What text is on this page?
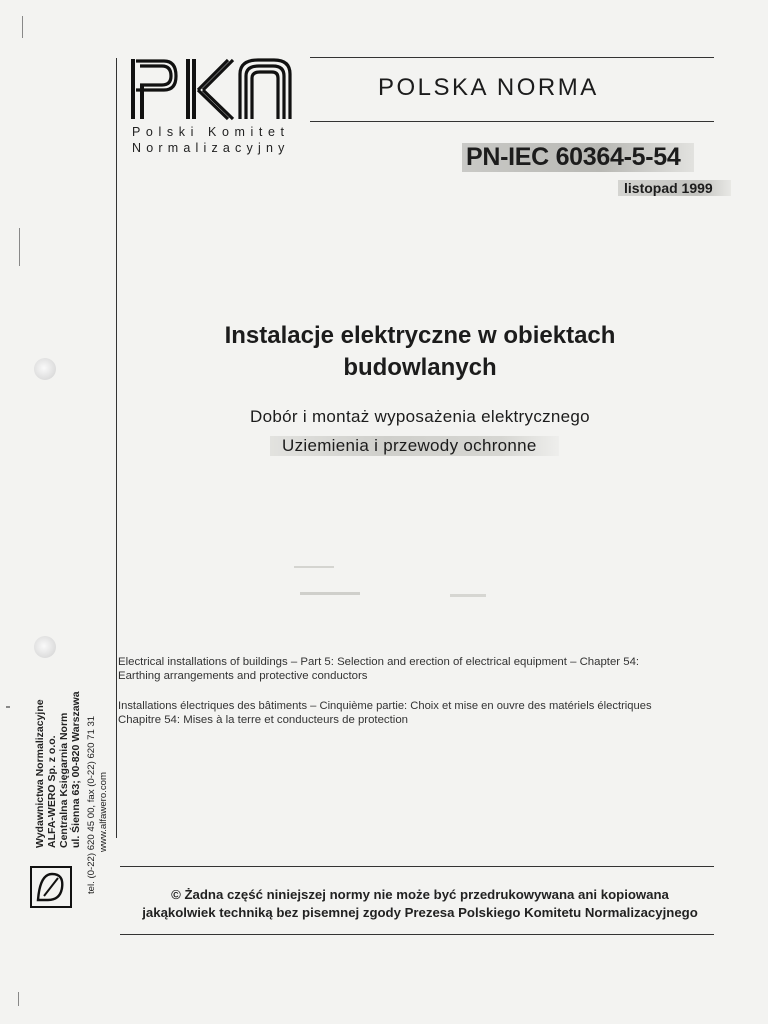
Polski Komitet
Normalizacyjny
POLSKA NORMA
PN-IEC 60364-5-54
listopad 1999
Instalacje elektryczne w obiektach
budowlanych
Dobór i montaż wyposażenia elektrycznego
Uziemienia i przewody ochronne
Electrical installations of buildings – Part 5: Selection and erection of electrical equipment – Chapter 54:
Earthing arrangements and protective conductors
Installations électriques des bâtiments – Cinquième partie: Choix et mise en ouvre des matériels électriques
Chapitre 54: Mises à la terre et conducteurs de protection
Wydawnictwa Normalizacyjne ALFA-WERO Sp. z o.o. Centralna Księgarnia Norm ul. Śienna 63; 00-820 Warszawa tel. (0-22) 620 45 00, fax (0-22) 620 71 31 www.alfawero.com
© Żadna część niniejszej normy nie może być przedrukowywana ani kopiowana
jakąkolwiek techniką bez pisemnej zgody Prezesa Polskiego Komitetu Normalizacyjnego
